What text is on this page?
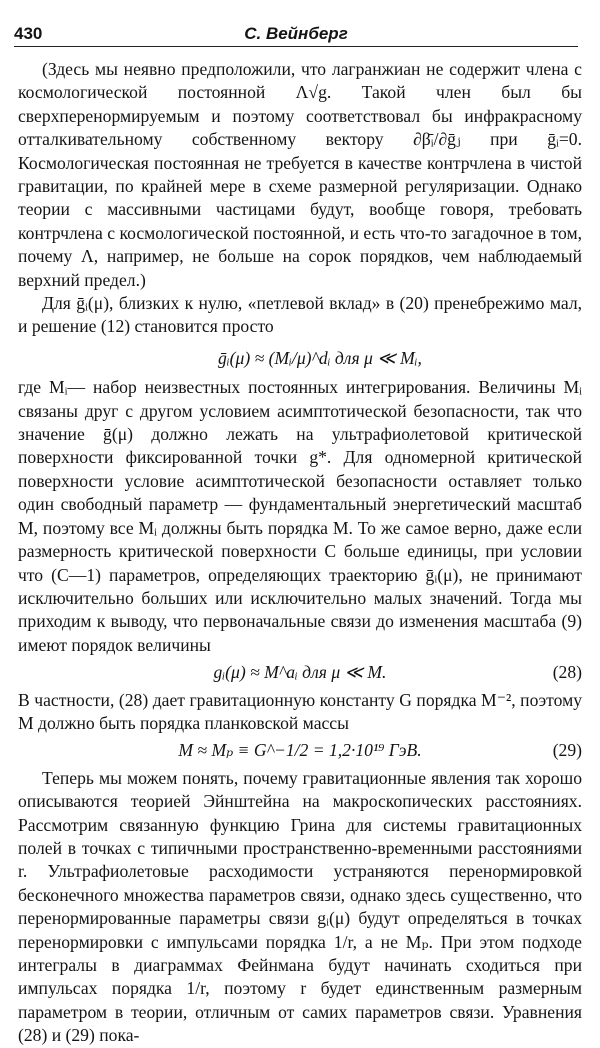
430	С. Вейнберг

(Здесь мы неявно предположили, что лагранжиан не содержит члена с космологической постоянной Λ√g. Такой член был бы сверхперенормируемым и поэтому соответствовал бы инфракрасному отталкивательному собственному вектору ∂β̄ᵢ/∂ḡⱼ при ḡᵢ=0. Космологическая постоянная не требуется в качестве контрчлена в чистой гравитации, по крайней мере в схеме размерной регуляризации. Однако теории с массивными частицами будут, вообще говоря, требовать контрчлена с космологической постоянной, и есть что-то загадочное в том, почему Λ, например, не больше на сорок порядков, чем наблюдаемый верхний предел.)

Для ḡᵢ(μ), близких к нулю, «петлевой вклад» в (20) пренебрежимо мал, и решение (12) становится просто

ḡᵢ(μ) ≈ (Mᵢ/μ)^dᵢ для μ ≪ Mᵢ,

где Mᵢ— набор неизвестных постоянных интегрирования. Величины Mᵢ связаны друг с другом условием асимптотической безопасности, так что значение ḡ(μ) должно лежать на ультрафиолетовой критической поверхности фиксированной точки g*. Для одномерной критической поверхности условие асимптотической безопасности оставляет только один свободный параметр — фундаментальный энергетический масштаб M, поэтому все Mᵢ должны быть порядка M. То же самое верно, даже если размерность критической поверхности C больше единицы, при условии что (C—1) параметров, определяющих траекторию ḡᵢ(μ), не принимают исключительно больших или исключительно малых значений. Тогда мы приходим к выводу, что первоначальные связи до изменения масштаба (9) имеют порядок величины

gᵢ(μ) ≈ M^aᵢ для μ ≪ M.	(28)

В частности, (28) дает гравитационную константу G порядка M⁻², поэтому M должно быть порядка планковской массы

M ≈ Mₚ ≡ G^−1/2 = 1,2·10¹⁹ ГэВ.	(29)

Теперь мы можем понять, почему гравитационные явления так хорошо описываются теорией Эйнштейна на макроскопических расстояниях. Рассмотрим связанную функцию Грина для системы гравитационных полей в точках с типичными пространственно-временными расстояниями r. Ультрафиолетовые расходимости устраняются перенормировкой бесконечного множества параметров связи, однако здесь существенно, что перенормированные параметры связи gᵢ(μ) будут определяться в точках перенормировки с импульсами порядка 1/r, а не Mₚ. При этом подходе интегралы в диаграммах Фейнмана будут начинать сходиться при импульсах порядка 1/r, поэтому r будет единственным размерным параметром в теории, отличным от самих параметров связи. Уравнения (28) и (29) пока-
